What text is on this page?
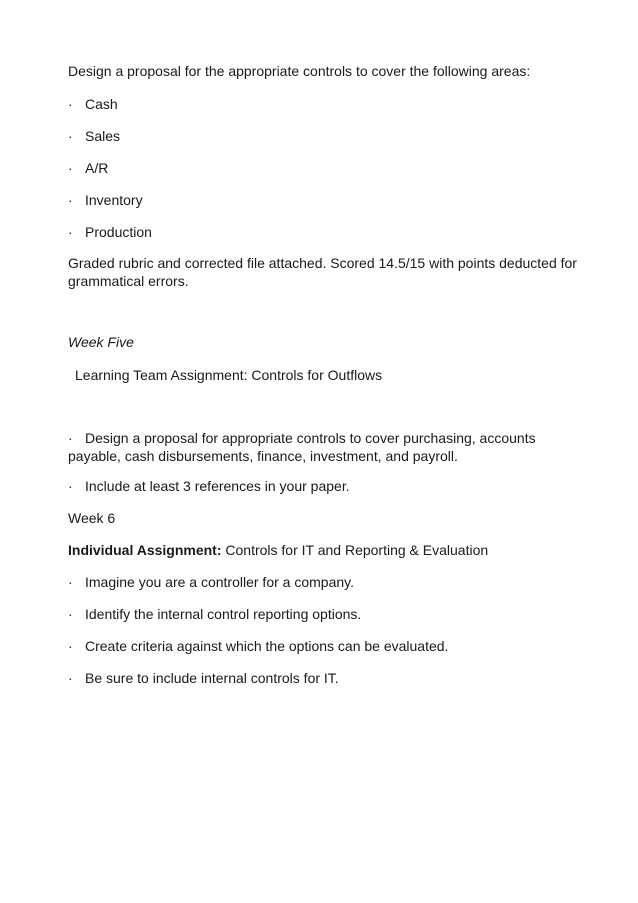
Design a proposal for the appropriate controls to cover the following areas:
· Cash
· Sales
· A/R
· Inventory
· Production
Graded rubric and corrected file attached. Scored 14.5/15 with points deducted for grammatical errors.
Week Five
Learning Team Assignment: Controls for Outflows
· Design a proposal for appropriate controls to cover purchasing, accounts payable, cash disbursements, finance, investment, and payroll.
· Include at least 3 references in your paper.
Week 6
Individual Assignment: Controls for IT and Reporting & Evaluation
· Imagine you are a controller for a company.
· Identify the internal control reporting options.
· Create criteria against which the options can be evaluated.
· Be sure to include internal controls for IT.
